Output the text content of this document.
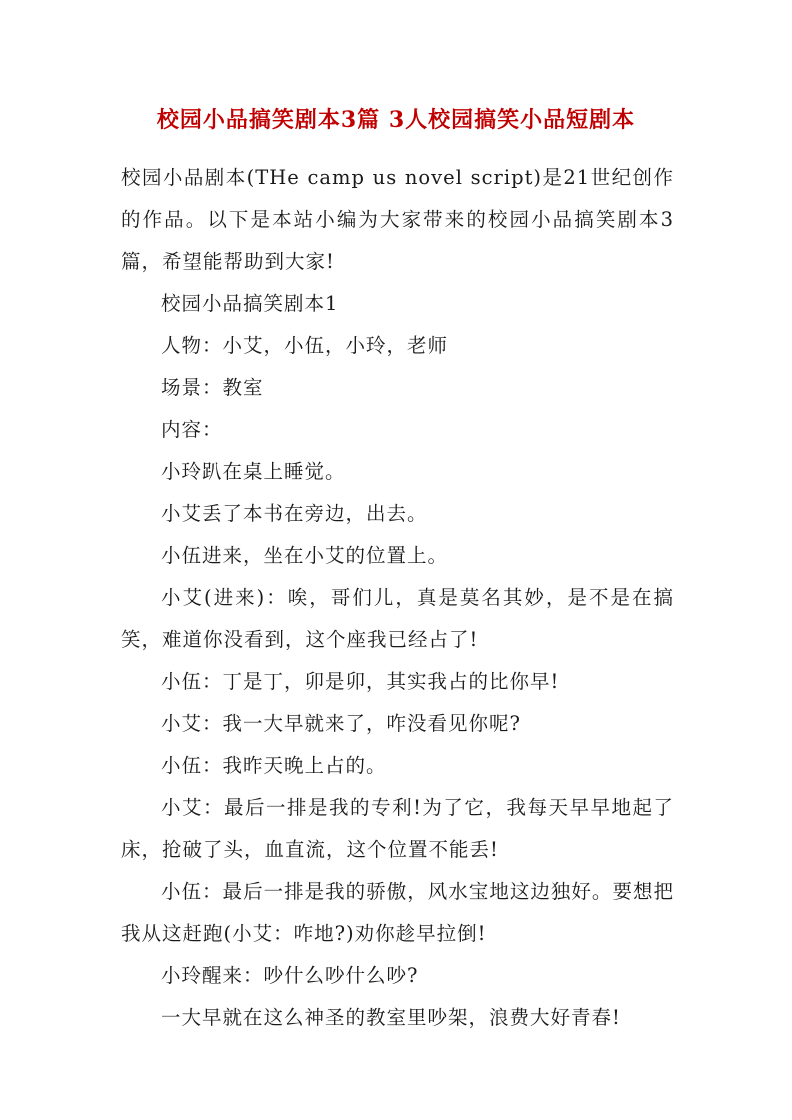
校园小品搞笑剧本3篇 3人校园搞笑小品短剧本

校园小品剧本(THe camp us novel script)是21世纪创作的作品。以下是本站小编为大家带来的校园小品搞笑剧本3篇，希望能帮助到大家!

校园小品搞笑剧本1

人物：小艾，小伍，小玲，老师

场景：教室

内容：

小玲趴在桌上睡觉。

小艾丢了本书在旁边，出去。

小伍进来，坐在小艾的位置上。

小艾(进来)：唉，哥们儿，真是莫名其妙，是不是在搞笑，难道你没看到，这个座我已经占了!

小伍：丁是丁，卯是卯，其实我占的比你早!

小艾：我一大早就来了，咋没看见你呢?

小伍：我昨天晚上占的。

小艾：最后一排是我的专利!为了它，我每天早早地起了床，抢破了头，血直流，这个位置不能丢!

小伍：最后一排是我的骄傲，风水宝地这边独好。要想把我从这赶跑(小艾：咋地?)劝你趁早拉倒!

小玲醒来：吵什么吵什么吵?

一大早就在这么神圣的教室里吵架，浪费大好青春!
